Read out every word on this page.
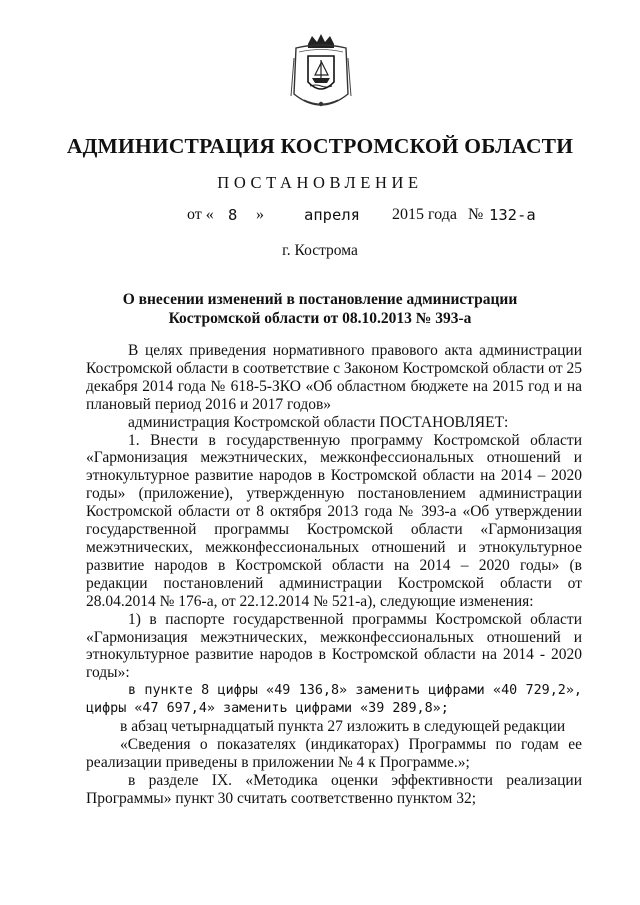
АДМИНИСТРАЦИЯ КОСТРОМСКОЙ ОБЛАСТИ
ПОСТАНОВЛЕНИЕ
от « 8 »	апреля 2015 года № 132-а
г. Кострома
О внесении изменений в постановление администрации
Костромской области от 08.10.2013 № 393-а

В целях приведения нормативного правового акта администрации Костромской области в соответствие с Законом Костромской области от 25 декабря 2014 года № 618-5-ЗКО «Об областном бюджете на 2015 год и на плановый период 2016 и 2017 годов»

администрация Костромской области ПОСТАНОВЛЯЕТ:

1. Внести в государственную программу Костромской области «Гармонизация межэтнических, межконфессиональных отношений и этнокультурное развитие народов в Костромской области на 2014 – 2020 годы» (приложение), утвержденную постановлением администрации Костромской области от 8 октября 2013 года № 393-а «Об утверждении государственной программы Костромской области «Гармонизация межэтнических, межконфессиональных отношений и этнокультурное развитие народов в Костромской области на 2014 – 2020 годы» (в редакции постановлений администрации Костромской области от 28.04.2014 № 176-а, от 22.12.2014 № 521-а), следующие изменения:

1) в паспорте государственной программы Костромской области «Гармонизация межэтнических, межконфессиональных отношений и этнокультурное развитие народов в Костромской области на 2014 - 2020 годы»:

в пункте 8 цифры «49 136,8» заменить цифрами «40 729,2», цифры «47 697,4» заменить цифрами «39 289,8»;

в абзац четырнадцатый пункта 27 изложить в следующей редакции

«Сведения о показателях (индикаторах) Программы по годам ее реализации приведены в приложении № 4 к Программе.»;

в разделе IX. «Методика оценки эффективности реализации Программы» пункт 30 считать соответственно пунктом 32;
